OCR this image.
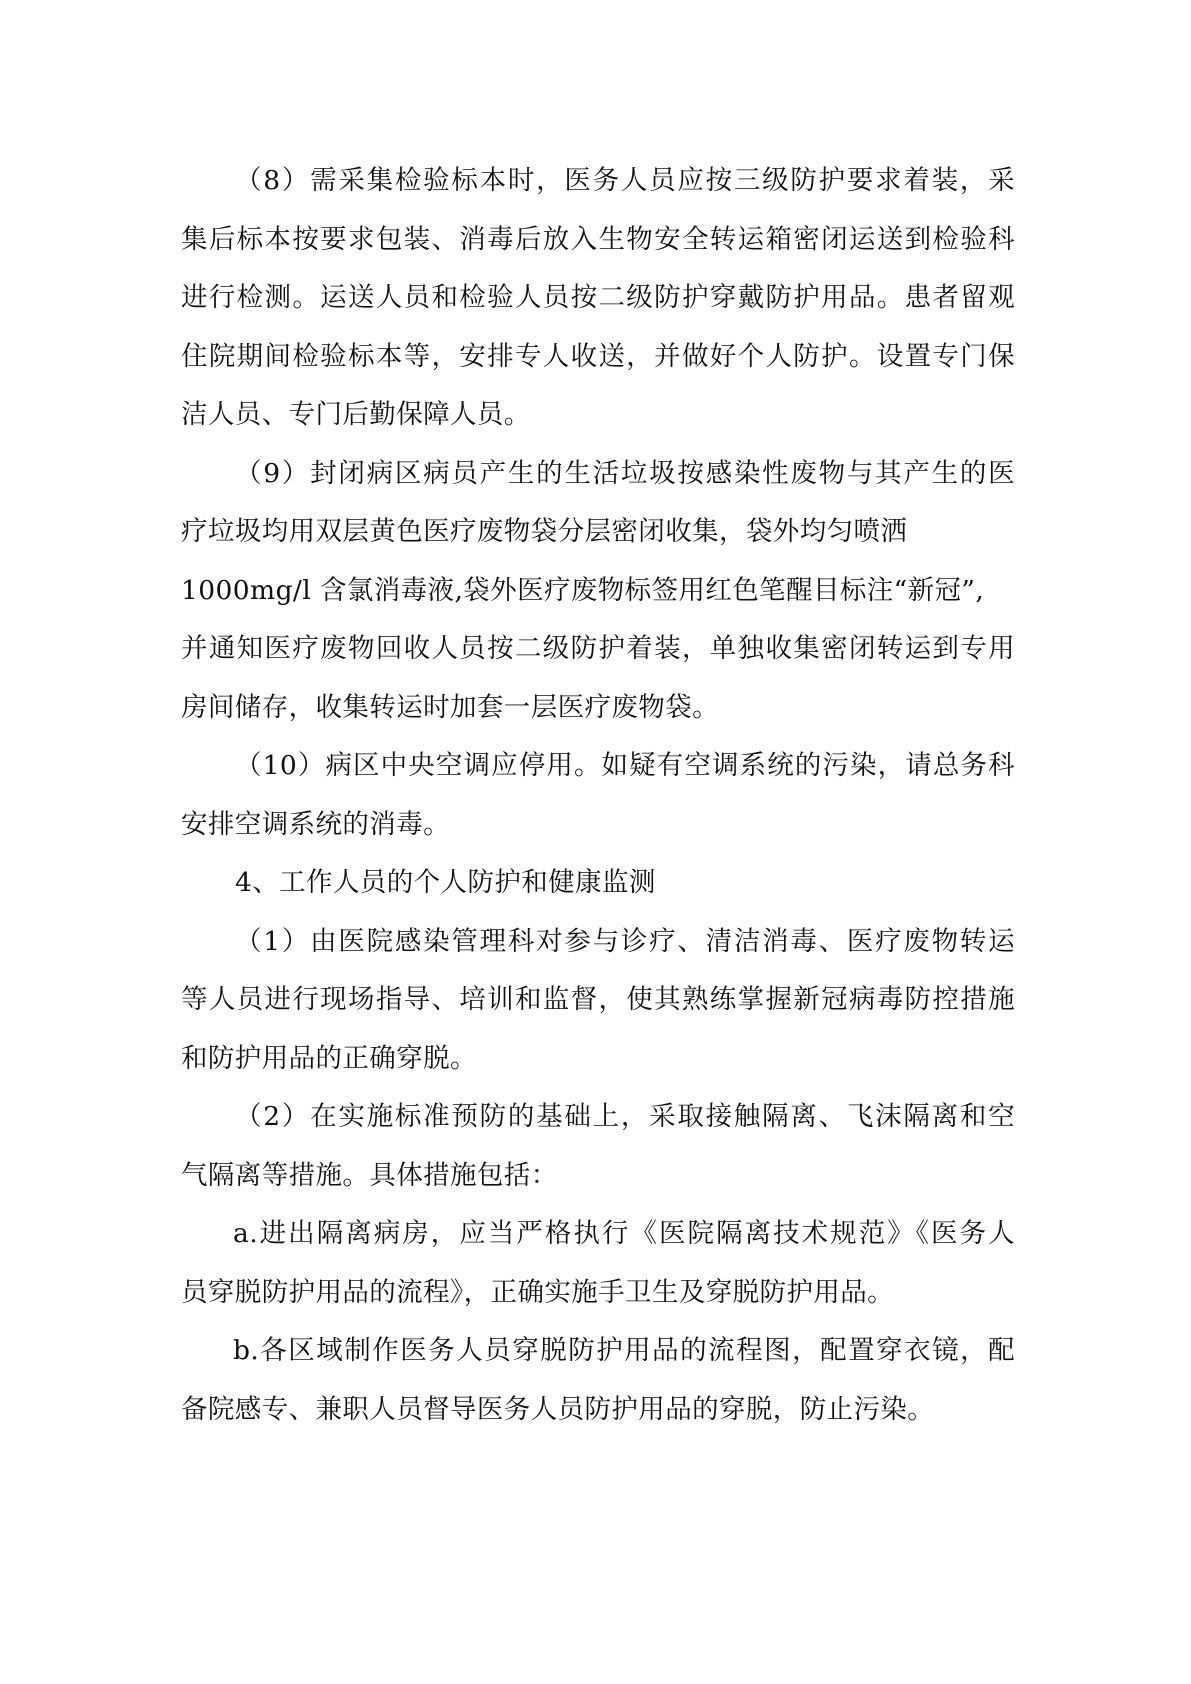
（8）需采集检验标本时，医务人员应按三级防护要求着装，采
集后标本按要求包装、消毒后放入生物安全转运箱密闭运送到检验科
进行检测。运送人员和检验人员按二级防护穿戴防护用品。患者留观
住院期间检验标本等，安排专人收送，并做好个人防护。设置专门保
洁人员、专门后勤保障人员。
（9）封闭病区病员产生的生活垃圾按感染性废物与其产生的医
疗垃圾均用双层黄色医疗废物袋分层密闭收集，袋外均匀喷洒
1000mg/l 含氯消毒液,袋外医疗废物标签用红色笔醒目标注“新冠”,
并通知医疗废物回收人员按二级防护着装，单独收集密闭转运到专用
房间储存，收集转运时加套一层医疗废物袋。
（10）病区中央空调应停用。如疑有空调系统的污染，请总务科
安排空调系统的消毒。
4、工作人员的个人防护和健康监测
（1）由医院感染管理科对参与诊疗、清洁消毒、医疗废物转运
等人员进行现场指导、培训和监督，使其熟练掌握新冠病毒防控措施
和防护用品的正确穿脱。
（2）在实施标准预防的基础上，采取接触隔离、飞沫隔离和空
气隔离等措施。具体措施包括：
a.进出隔离病房，应当严格执行《医院隔离技术规范》《医务人
员穿脱防护用品的流程》，正确实施手卫生及穿脱防护用品。
b.各区域制作医务人员穿脱防护用品的流程图，配置穿衣镜，配
备院感专、兼职人员督导医务人员防护用品的穿脱，防止污染。
